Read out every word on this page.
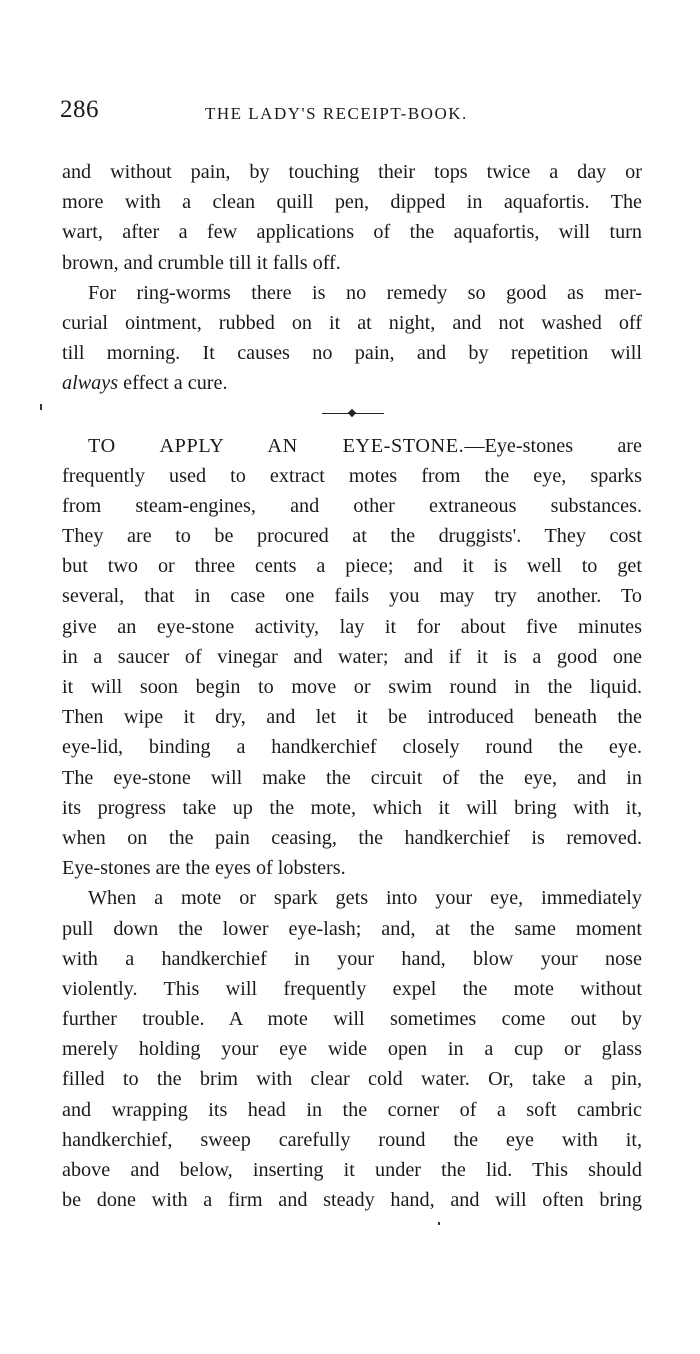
286	THE LADY'S RECEIPT-BOOK.
and without pain, by touching their tops twice a day or
more with a clean quill pen, dipped in aquafortis. The
wart, after a few applications of the aquafortis, will turn
brown, and crumble till it falls off.
For ring-worms there is no remedy so good as mer-
curial ointment, rubbed on it at night, and not washed off
till morning. It causes no pain, and by repetition will
always effect a cure.
TO APPLY AN EYE-STONE.—Eye-stones are
frequently used to extract motes from the eye, sparks
from steam-engines, and other extraneous substances.
They are to be procured at the druggists'. They cost
but two or three cents a piece; and it is well to get
several, that in case one fails you may try another. To
give an eye-stone activity, lay it for about five minutes
in a saucer of vinegar and water; and if it is a good one
it will soon begin to move or swim round in the liquid.
Then wipe it dry, and let it be introduced beneath the
eye-lid, binding a handkerchief closely round the eye.
The eye-stone will make the circuit of the eye, and in
its progress take up the mote, which it will bring with it,
when on the pain ceasing, the handkerchief is removed.
Eye-stones are the eyes of lobsters.
When a mote or spark gets into your eye, immediately
pull down the lower eye-lash; and, at the same moment
with a handkerchief in your hand, blow your nose
violently. This will frequently expel the mote without
further trouble. A mote will sometimes come out by
merely holding your eye wide open in a cup or glass
filled to the brim with clear cold water. Or, take a pin,
and wrapping its head in the corner of a soft cambric
handkerchief, sweep carefully round the eye with it,
above and below, inserting it under the lid. This should
be done with a firm and steady hand, and will often bring
